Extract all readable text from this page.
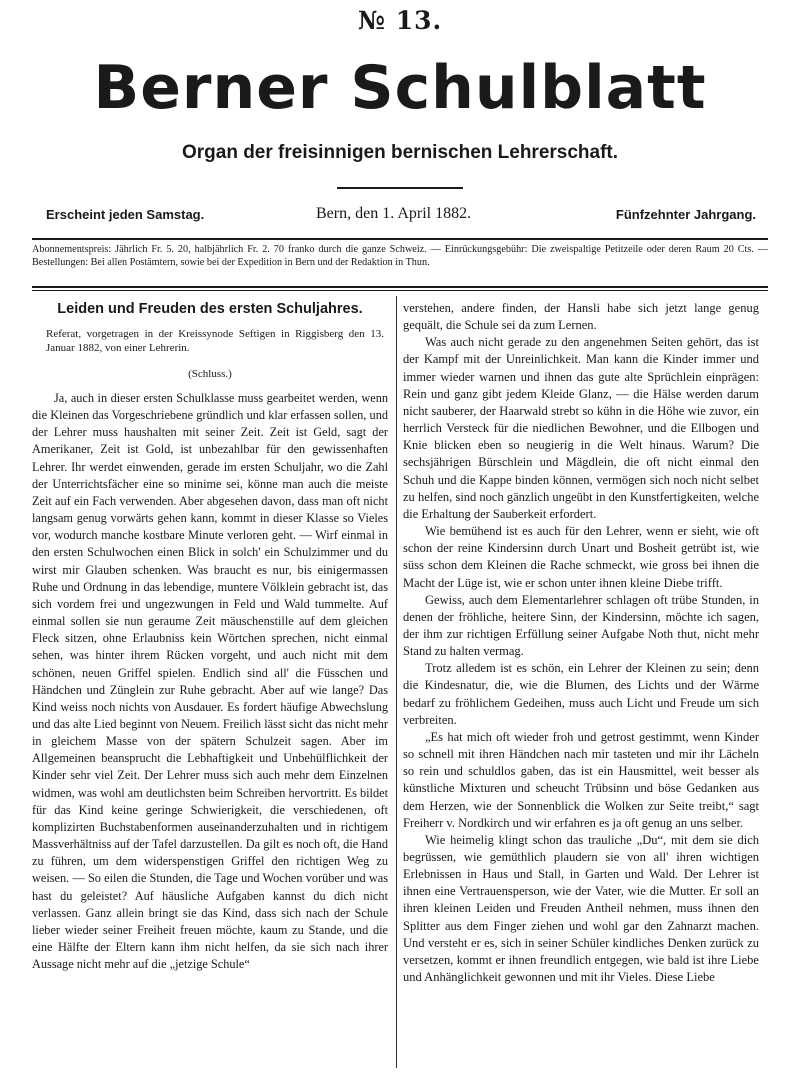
№ 13.
Berner Schulblatt
Organ der freisinnigen bernischen Lehrerschaft.
Erscheint jeden Samstag.	Bern, den 1. April 1882.	Fünfzehnter Jahrgang.
Abonnementspreis: Jährlich Fr. 5. 20, halbjährlich Fr. 2. 70 franko durch die ganze Schweiz. — Einrückungsgebühr: Die zweispaltige Petitzeile oder deren Raum 20 Cts. — Bestellungen: Bei allen Postämtern, sowie bei der Expedition in Bern und der Redaktion in Thun.
Leiden und Freuden des ersten Schuljahres.
Referat, vorgetragen in der Kreissynode Seftigen in Riggisberg den 13. Januar 1882, von einer Lehrerin.
(Schluss.)

Ja, auch in dieser ersten Schulklasse muss gearbeitet werden, wenn die Kleinen das Vorgeschriebene gründlich und klar erfassen sollen, und der Lehrer muss haushalten mit seiner Zeit. Zeit ist Geld, sagt der Amerikaner, Zeit ist Gold, ist unbezahlbar für den gewissenhaften Lehrer. Ihr werdet einwenden, gerade im ersten Schuljahr, wo die Zahl der Unterrichtsfächer eine so minime sei, könne man auch die meiste Zeit auf ein Fach verwenden. Aber abgesehen davon, dass man oft nicht langsam genug vorwärts gehen kann, kommt in dieser Klasse so Vieles vor, wodurch manche kostbare Minute verloren geht. — Wirf einmal in den ersten Schulwochen einen Blick in solch' ein Schulzimmer und du wirst mir Glauben schenken. Was braucht es nur, bis einigermassen Ruhe und Ordnung in das lebendige, muntere Völklein gebracht ist, das sich vordem frei und ungezwungen in Feld und Wald tummelte. Auf einmal sollen sie nun geraume Zeit mäuschenstille auf dem gleichen Fleck sitzen, ohne Erlaubniss kein Wörtchen sprechen, nicht einmal sehen, was hinter ihrem Rücken vorgeht, und auch nicht mit dem schönen, neuen Griffel spielen. Endlich sind all' die Füsschen und Händchen und Zünglein zur Ruhe gebracht. Aber auf wie lange? Das Kind weiss noch nichts von Ausdauer. Es fordert häufige Abwechslung und das alte Lied beginnt von Neuem. Freilich lässt sicht das nicht mehr in gleichem Masse von der spätern Schulzeit sagen. Aber im Allgemeinen beansprucht die Lebhaftigkeit und Unbehülflichkeit der Kinder sehr viel Zeit. Der Lehrer muss sich auch mehr dem Einzelnen widmen, was wohl am deutlichsten beim Schreiben hervortritt. Es bildet für das Kind keine geringe Schwierigkeit, die verschiedenen, oft komplizirten Buchstabenformen auseinanderzuhalten und in richtigem Massverhältniss auf der Tafel darzustellen. Da gilt es noch oft, die Hand zu führen, um dem widerspenstigen Griffel den richtigen Weg zu weisen. — So eilen die Stunden, die Tage und Wochen vorüber und was hast du geleistet? Auf häusliche Aufgaben kannst du dich nicht verlassen. Ganz allein bringt sie das Kind, dass sich nach der Schule lieber wieder seiner Freiheit freuen möchte, kaum zu Stande, und die eine Hälfte der Eltern kann ihm nicht helfen, da sie sich nach ihrer Aussage nicht mehr auf die „jetzige Schule“

verstehen, andere finden, der Hansli habe sich jetzt lange genug gequält, die Schule sei da zum Lernen.

Was auch nicht gerade zu den angenehmen Seiten gehört, das ist der Kampf mit der Unreinlichkeit. Man kann die Kinder immer und immer wieder warnen und ihnen das gute alte Sprüchlein einprägen: Rein und ganz gibt jedem Kleide Glanz, — die Hälse werden darum nicht sauberer, der Haarwald strebt so kühn in die Höhe wie zuvor, ein herrlich Versteck für die niedlichen Bewohner, und die Ellbogen und Knie blicken eben so neugierig in die Welt hinaus. Warum? Die sechsjährigen Bürschlein und Mägdlein, die oft nicht einmal den Schuh und die Kappe binden können, vermögen sich noch nicht selbet zu helfen, sind noch gänzlich ungeübt in den Kunstfertigkeiten, welche die Erhaltung der Sauberkeit erfordert.

Wie bemühend ist es auch für den Lehrer, wenn er sieht, wie oft schon der reine Kindersinn durch Unart und Bosheit getrübt ist, wie süss schon dem Kleinen die Rache schmeckt, wie gross bei ihnen die Macht der Lüge ist, wie er schon unter ihnen kleine Diebe trifft.

Gewiss, auch dem Elementarlehrer schlagen oft trübe Stunden, in denen der fröhliche, heitere Sinn, der Kindersinn, möchte ich sagen, der ihm zur richtigen Erfüllung seiner Aufgabe Noth thut, nicht mehr Stand zu halten vermag.

Trotz alledem ist es schön, ein Lehrer der Kleinen zu sein; denn die Kindesnatur, die, wie die Blumen, des Lichts und der Wärme bedarf zu fröhlichem Gedeihen, muss auch Licht und Freude um sich verbreiten.

„Es hat mich oft wieder froh und getrost gestimmt, wenn Kinder so schnell mit ihren Händchen nach mir tasteten und mir ihr Lächeln so rein und schuldlos gaben, das ist ein Hausmittel, weit besser als künstliche Mixturen und scheucht Trübsinn und böse Gedanken aus dem Herzen, wie der Sonnenblick die Wolken zur Seite treibt,“ sagt Freiherr v. Nordkirch und wir erfahren es ja oft genug an uns selber.

Wie heimelig klingt schon das trauliche „Du“, mit dem sie dich begrüssen, wie gemüthlich plaudern sie von all' ihren wichtigen Erlebnissen in Haus und Stall, in Garten und Wald. Der Lehrer ist ihnen eine Vertrauensperson, wie der Vater, wie die Mutter. Er soll an ihren kleinen Leiden und Freuden Antheil nehmen, muss ihnen den Splitter aus dem Finger ziehen und wohl gar den Zahnarzt machen. Und versteht er es, sich in seiner Schüler kindliches Denken zurück zu versetzen, kommt er ihnen freundlich entgegen, wie bald ist ihre Liebe und Anhänglichkeit gewonnen und mit ihr Vieles. Diese Liebe
